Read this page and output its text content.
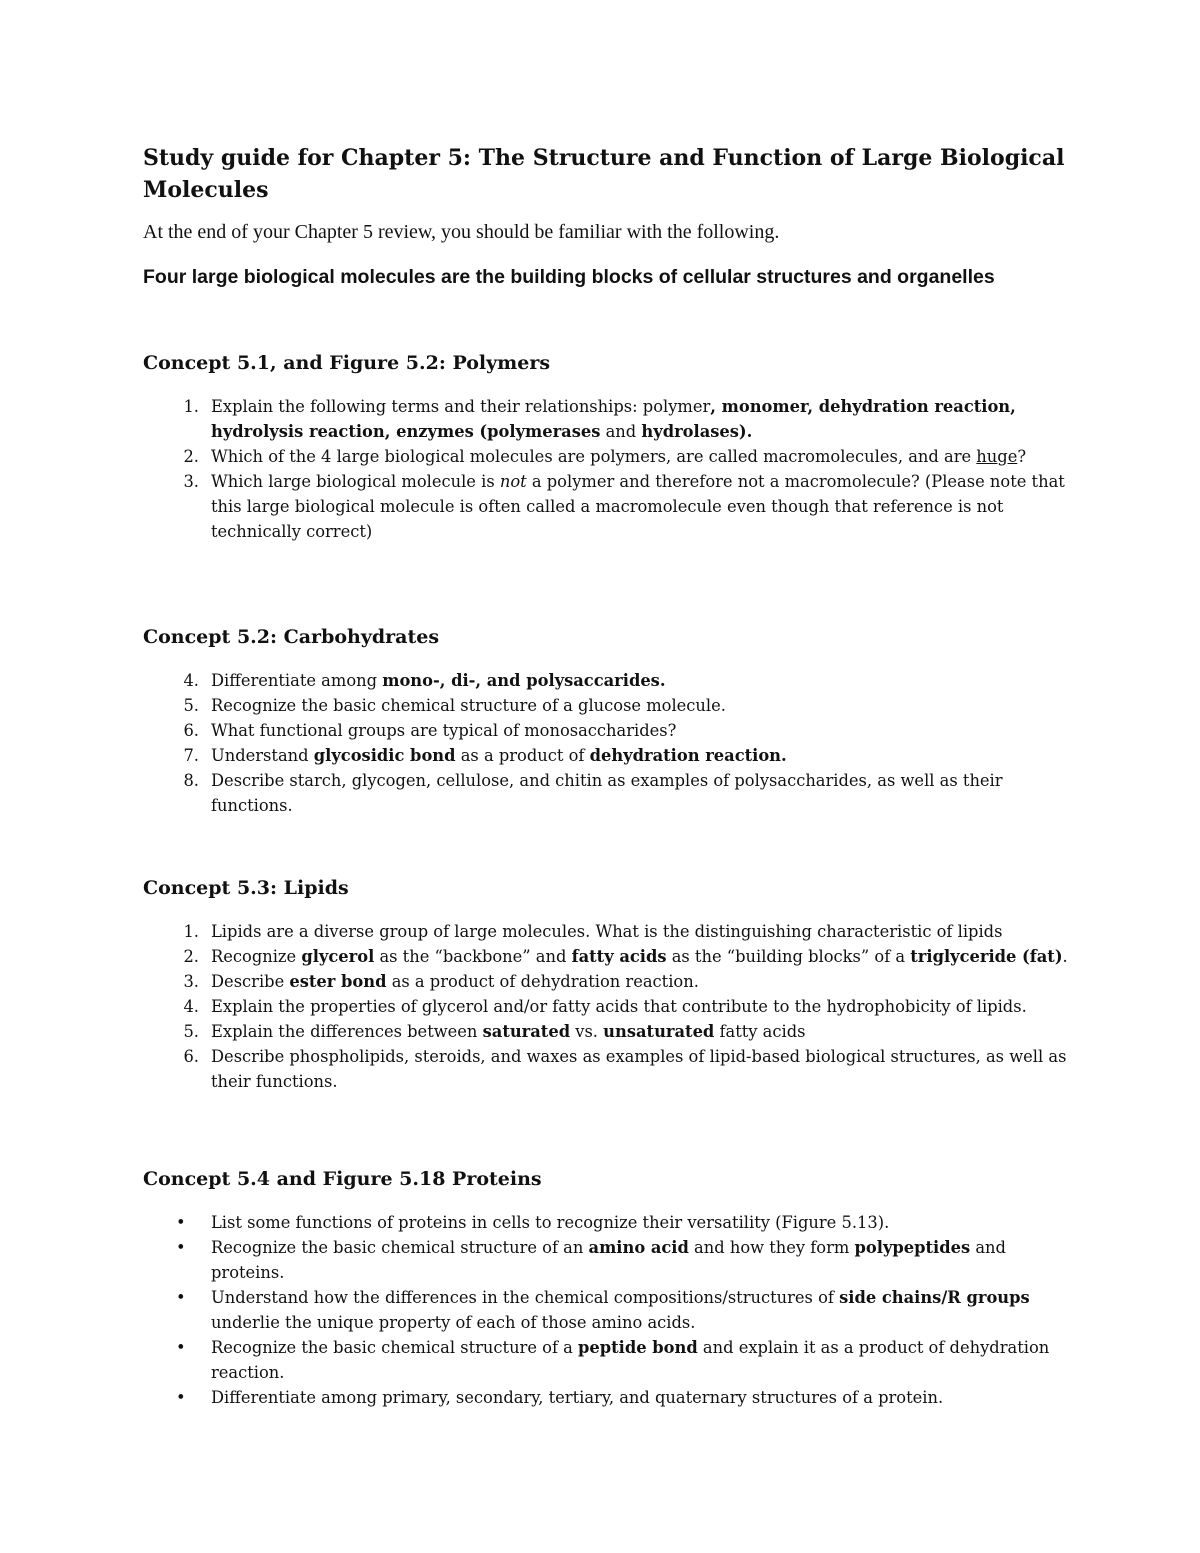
Study guide for Chapter 5: The Structure and Function of Large Biological Molecules

At the end of your Chapter 5 review, you should be familiar with the following.

Four large biological molecules are the building blocks of cellular structures and organelles

Concept 5.1, and Figure 5.2: Polymers
1. Explain the following terms and their relationships: polymer, monomer, dehydration reaction, hydrolysis reaction, enzymes (polymerases and hydrolases).
2. Which of the 4 large biological molecules are polymers, are called macromolecules, and are huge?
3. Which large biological molecule is not a polymer and therefore not a macromolecule? (Please note that this large biological molecule is often called a macromolecule even though that reference is not technically correct)
Concept 5.2: Carbohydrates
4. Differentiate among mono-, di-, and polysaccarides.
5. Recognize the basic chemical structure of a glucose molecule.
6. What functional groups are typical of monosaccharides?
7. Understand glycosidic bond as a product of dehydration reaction.
8. Describe starch, glycogen, cellulose, and chitin as examples of polysaccharides, as well as their functions.
Concept 5.3: Lipids
1. Lipids are a diverse group of large molecules. What is the distinguishing characteristic of lipids
2. Recognize glycerol as the “backbone” and fatty acids as the “building blocks” of a triglyceride (fat).
3. Describe ester bond as a product of dehydration reaction.
4. Explain the properties of glycerol and/or fatty acids that contribute to the hydrophobicity of lipids.
5. Explain the differences between saturated vs. unsaturated fatty acids
6. Describe phospholipids, steroids, and waxes as examples of lipid-based biological structures, as well as their functions.
Concept 5.4 and Figure 5.18 Proteins
• List some functions of proteins in cells to recognize their versatility (Figure 5.13).
• Recognize the basic chemical structure of an amino acid and how they form polypeptides and proteins.
• Understand how the differences in the chemical compositions/structures of side chains/R groups underlie the unique property of each of those amino acids.
• Recognize the basic chemical structure of a peptide bond and explain it as a product of dehydration reaction.
• Differentiate among primary, secondary, tertiary, and quaternary structures of a protein.
